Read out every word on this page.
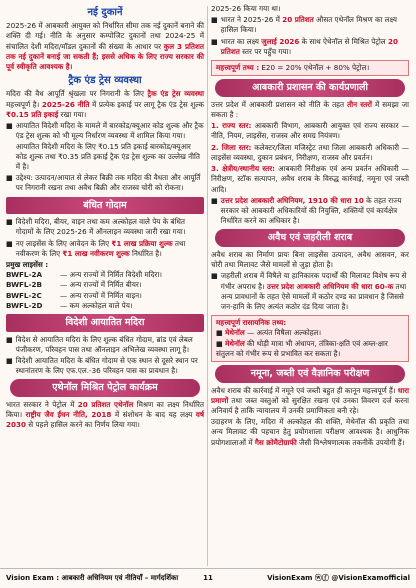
नई दुकानें

2025-26 में आबकारी आयुक्त को निर्धारित सीमा तक नई दुकानें बनाने की शक्ति दी गई। नीति के अनुसार कम्पोजिट दुकानों तथा 2024-25 में संचालित देशी मदिरा/मॉडल दुकानों की संख्या के आधार पर कुल 3 प्रतिशत तक नई दुकानें बनाई जा सकती हैं; इससे अधिक के लिए राज्य सरकार की पूर्व स्वीकृति आवश्यक है।

ट्रैक एंड ट्रेस व्यवस्था

मदिरा की वैध आपूर्ति श्रृंखला पर निगरानी के लिए ट्रैक एंड ट्रेस व्यवस्था महत्त्वपूर्ण है। 2025-26 नीति में प्रत्येक इकाई पर लागू ट्रैक एंड ट्रेस शुल्क ₹0.15 प्रति इकाई रखा गया।

■ आयातित विदेशी मदिरा के मामले में बारकोड/क्यूआर कोड शुल्क और ट्रैक एंड ट्रेस शुल्क को भी मूल्य निर्धारण व्यवस्था में शामिल किया गया। आयातित विदेशी मदिरा के लिए ₹0.15 प्रति इकाई बारकोड/क्यूआर कोड शुल्क तथा ₹0.35 प्रति इकाई ट्रैक एंड ट्रेस शुल्क का उल्लेख नीति में है।
■ उद्देश्य: उत्पादन/आयात से लेकर बिक्री तक मदिरा की वैधता और आपूर्ति पर निगरानी रखना तथा अवैध बिक्री और राजस्व चोरी को रोकना।
बंधित गोदाम
■ विदेशी मदिरा, बीयर, वाइन तथा कम अल्कोहल वाले पेय के बंधित गोदामों के लिए 2025-26 में ऑनलाइन व्यवस्था जारी रखा गया।
■ नए लाइसेंस के लिए आवेदन के लिए ₹1 लाख प्रक्रिया शुल्क तथा नवीकरण के लिए ₹1 लाख नवीकरण शुल्क निर्धारित है।
प्रमुख लाइसेंस :
BWFL-2A	— अन्य राज्यों में निर्मित विदेशी मदिरा।
BWFL-2B	— अन्य राज्यों में निर्मित बीयर।
BWFL-2C	— अन्य राज्यों में निर्मित वाइन।
BWFL-2D	— कम अल्कोहल वाले पेय।
विदेशी आयातित मदिरा
■ विदेश से आयातित मदिरा के लिए शुल्क बंधित गोदाम, ब्रांड एवं लेबल पंजीकरण, परिवहन पास तथा ऑनलाइन अभिलेख व्यवस्था लागू है।
■ विदेशी आयातित मदिरा के बंधित गोदाम से एक स्थान से दूसरे स्थान पर स्थानांतरण के लिए एफ.एल.-36 परिवहन पास का प्रावधान है।
एथेनॉल मिश्रित पेट्रोल कार्यक्रम

भारत सरकार ने पेट्रोल में 20 प्रतिशत एथेनॉल मिश्रण का लक्ष्य निर्धारित किया। राष्ट्रीय जैव ईंधन नीति, 2018 में संशोधन के बाद यह लक्ष्य वर्ष 2030 से पहले हासिल करने का निर्णय लिया गया।

2025-26 किया गया था।

■ भारत ने 2025-26 में 20 प्रतिशत औसत एथेनॉल मिश्रण का लक्ष्य हासिल किया।
■ भारत का लक्ष्य जुलाई 2026 के साथ ऐथेनॉल से मिश्रित पेट्रोल 20 प्रतिशत स्तर पर पहुँच गया।
महत्त्वपूर्ण तथ्य : E20 = 20% एथेनॉल + 80% पेट्रोल।
आबकारी प्रशासन की कार्यप्रणाली

उत्तर प्रदेश में आबकारी प्रशासन को नीति के तहत तीन स्तरों में समझा जा सकता है :

1. राज्य स्तर: आबकारी विभाग, आबकारी आयुक्त एवं राज्य सरकार — नीति, नियम, लाइसेंस, राजस्व और समग्र नियंत्रण।

2. जिला स्तर: कलेक्टर/जिला मजिस्ट्रेट तथा जिला आबकारी अधिकारी — लाइसेंस व्यवस्था, दुकान प्रबंधन, निरीक्षण, राजस्व और प्रवर्तन।

3. क्षेत्रीय/स्थानीय स्तर: आबकारी निरीक्षक एवं अन्य प्रवर्तन अधिकारी — निरीक्षण, स्टॉक सत्यापन, अवैध शराब के विरुद्ध कार्रवाई, नमूना एवं जब्ती आदि।

■ उत्तर प्रदेश आबकारी अधिनियम, 1910 की धारा 10 के तहत राज्य सरकार को आबकारी अधिकारियों की नियुक्ति, शक्तियों एवं कार्यक्षेत्र निर्धारित करने का अधिकार है।
अवैध एवं जहरीली शराब

अवैध शराब का निर्माण प्रायः बिना लाइसेंस उत्पादन, अवैध आसवन, कर चोरी तथा मिलावट जैसे मामलों से जुड़ा होता है।

■ जहरीली शराब में विषैले या हानिकारक पदार्थों की मिलावट विशेष रूप से गंभीर अपराध है। उत्तर प्रदेश आबकारी अधिनियम की धारा 60-क तथा अन्य प्रावधानों के तहत ऐसे मामलों में कठोर दण्ड का प्रावधान है जिससे जन-हानि के लिए अत्यंत कठोर दंड दिया जाता है।
महत्त्वपूर्ण रासायनिक तथ्य:
■ मेथेनॉल — अत्यंत विषैला अल्कोहल।
■ मेथेनॉल की थोड़ी मात्रा भी अंधापन, तंत्रिका-क्षति एवं अम्ल-क्षार संतुलन को गंभीर रूप से प्रभावित कर सकता है।
नमूना, जब्ती एवं वैज्ञानिक परीक्षण

अवैध शराब की कार्रवाई में नमूने एवं जब्ती बहुत ही कानून महत्त्वपूर्ण हैं। धारा प्रमाणों तथा जब्त वस्तुओं को सुरक्षित रखना एवं उनका विवरण दर्ज करना अनिवार्य है ताकि न्यायालय में उनकी प्रमाणिकता बनी रहे।

उदाहरण के लिए, मदिरा में अल्कोहल की शक्ति, मेथेनॉल की प्रकृति तथा अन्य मिलावट की पहचान हेतु प्रयोगशाला परीक्षण आवश्यक है। आधुनिक प्रयोगशालाओं में गैस क्रोमैटोग्राफी जैसी विश्लेषणात्मक तकनीकें उपयोगी हैं।

Vision Exam : आबकारी अधिनियम एवं नीतियाँ – मार्गदर्शिका	11	VisionExam ⓦⓕ @VisionExamofficial
